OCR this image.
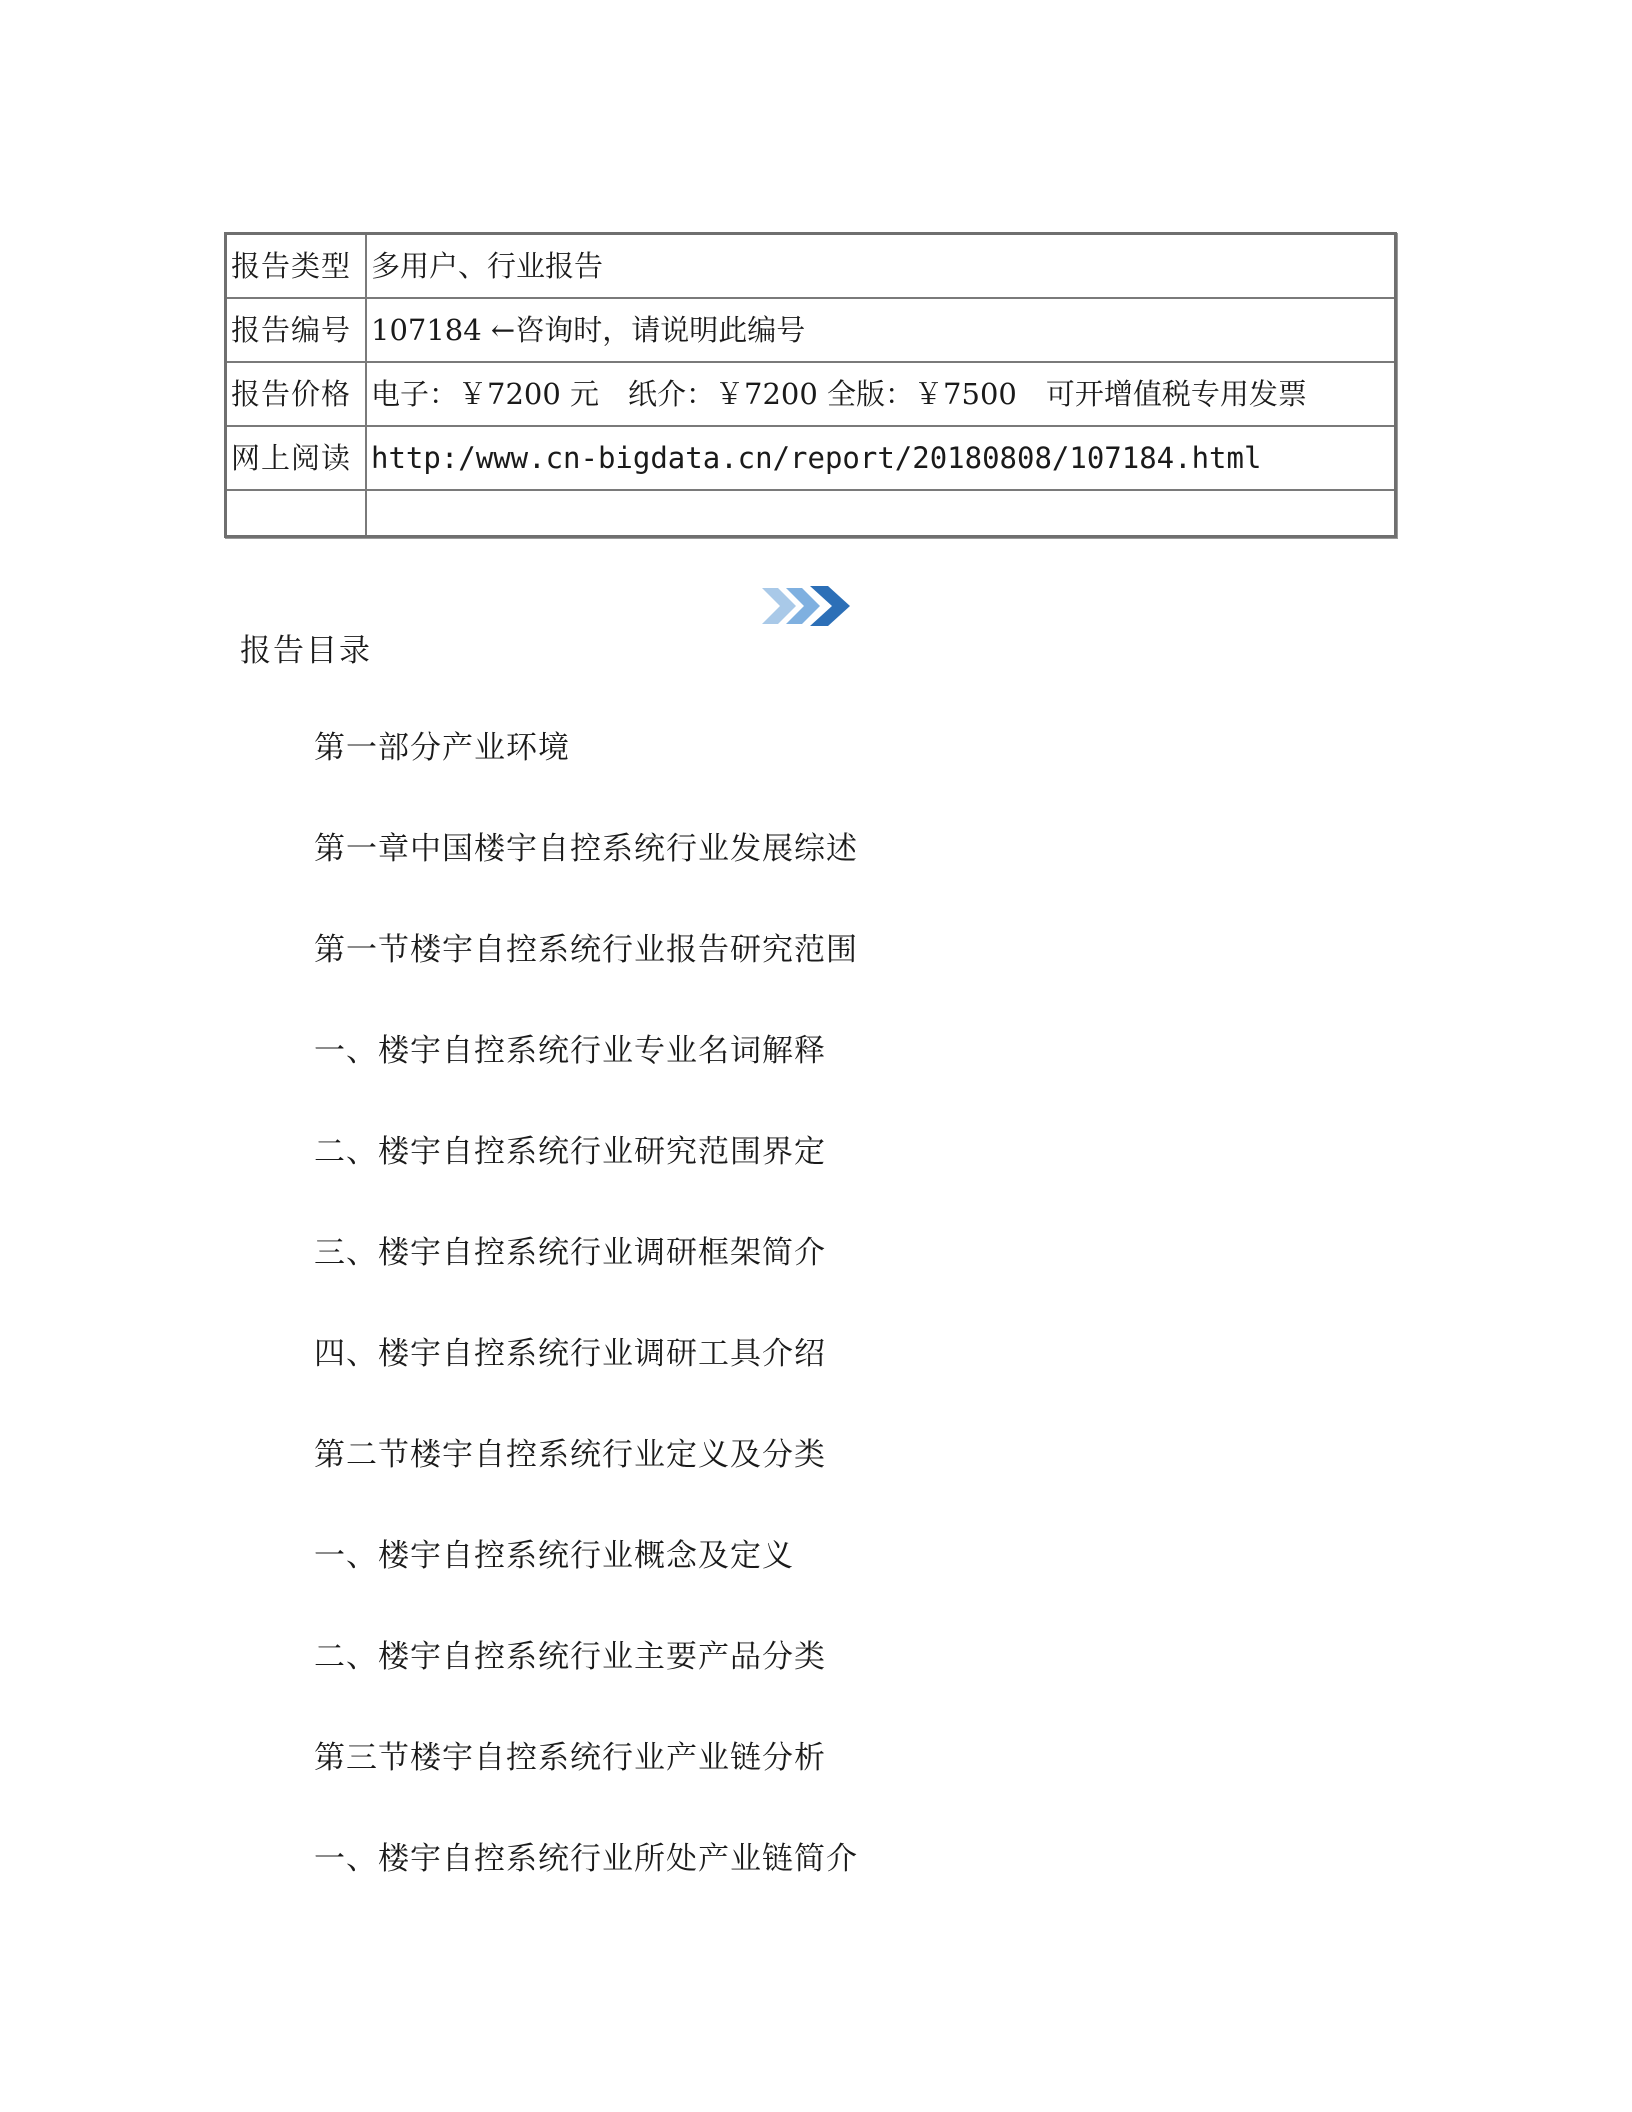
报告类型	多用户、行业报告
报告编号	107184 ←咨询时，请说明此编号
报告价格	电子：￥7200 元　纸介：￥7200 全版：￥7500　可开增值税专用发票
网上阅读	http:/www.cn-bigdata.cn/report/20180808/107184.html

报告目录
第一部分产业环境
第一章中国楼宇自控系统行业发展综述
第一节楼宇自控系统行业报告研究范围
一、楼宇自控系统行业专业名词解释
二、楼宇自控系统行业研究范围界定
三、楼宇自控系统行业调研框架简介
四、楼宇自控系统行业调研工具介绍
第二节楼宇自控系统行业定义及分类
一、楼宇自控系统行业概念及定义
二、楼宇自控系统行业主要产品分类
第三节楼宇自控系统行业产业链分析
一、楼宇自控系统行业所处产业链简介
